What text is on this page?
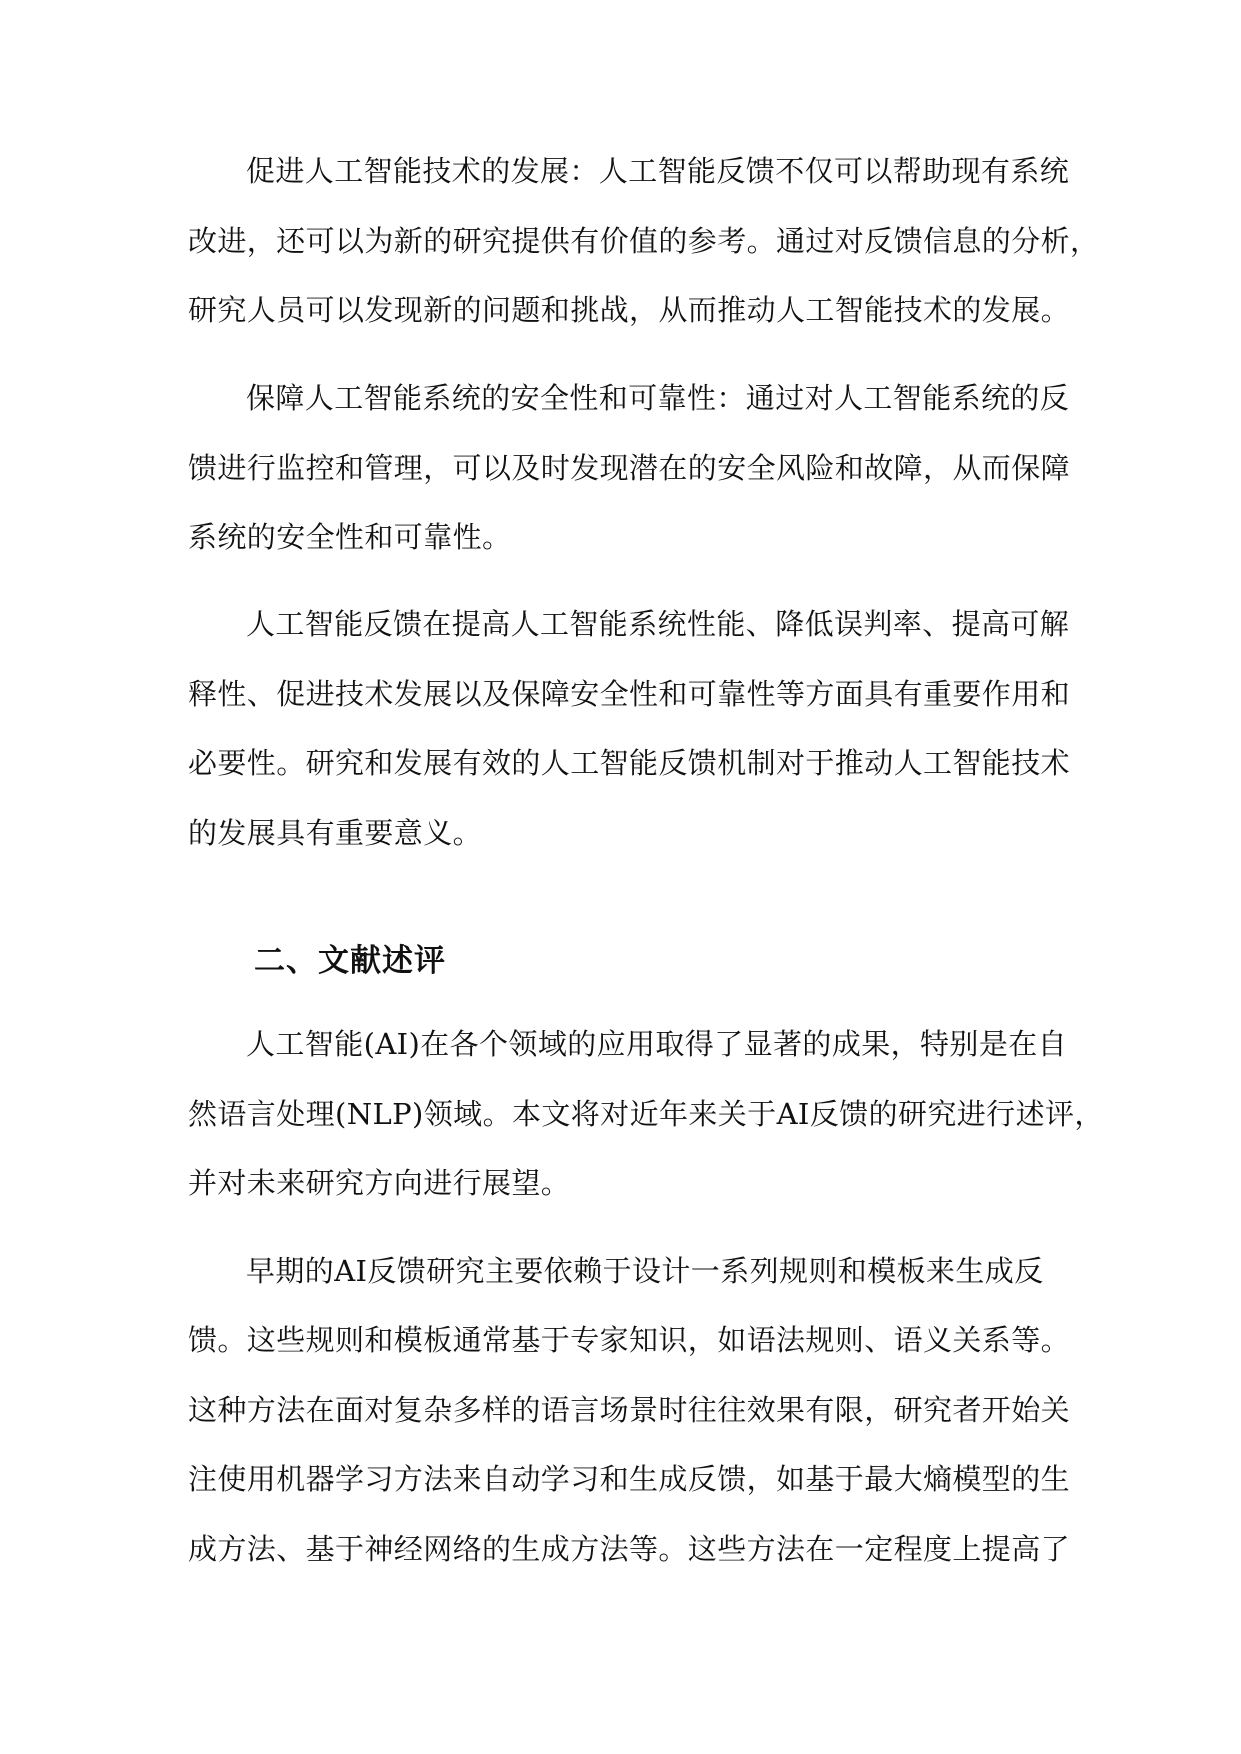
促进人工智能技术的发展：人工智能反馈不仅可以帮助现有系统
改进，还可以为新的研究提供有价值的参考。通过对反馈信息的分析，
研究人员可以发现新的问题和挑战，从而推动人工智能技术的发展。
保障人工智能系统的安全性和可靠性：通过对人工智能系统的反
馈进行监控和管理，可以及时发现潜在的安全风险和故障，从而保障
系统的安全性和可靠性。
人工智能反馈在提高人工智能系统性能、降低误判率、提高可解
释性、促进技术发展以及保障安全性和可靠性等方面具有重要作用和
必要性。研究和发展有效的人工智能反馈机制对于推动人工智能技术
的发展具有重要意义。
二、文献述评
人工智能(AI)在各个领域的应用取得了显著的成果，特别是在自
然语言处理(NLP)领域。本文将对近年来关于AI反馈的研究进行述评，
并对未来研究方向进行展望。
早期的AI反馈研究主要依赖于设计一系列规则和模板来生成反
馈。这些规则和模板通常基于专家知识，如语法规则、语义关系等。
这种方法在面对复杂多样的语言场景时往往效果有限，研究者开始关
注使用机器学习方法来自动学习和生成反馈，如基于最大熵模型的生
成方法、基于神经网络的生成方法等。这些方法在一定程度上提高了
